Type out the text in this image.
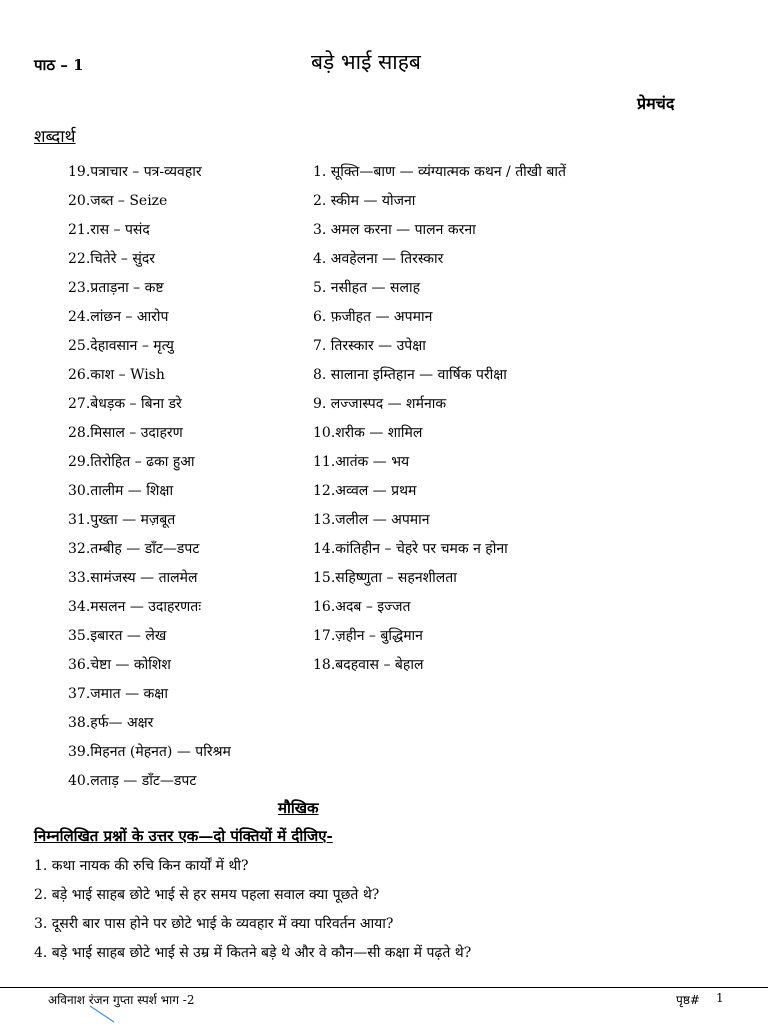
पाठ – 1	बड़े भाई साहब
प्रेमचंद
शब्दार्थ
19.पत्राचार – पत्र-व्यवहार
20.जब्त – Seize
21.रास – पसंद
22.चितेरे – सुंदर
23.प्रताड़ना – कष्ट
24.लांछन – आरोप
25.देहावसान – मृत्यु
26.काश – Wish
27.बेधड़क – बिना डरे
28.मिसाल – उदाहरण
29.तिरोहित – ढका हुआ
30.तालीम — शिक्षा
31.पुख्ता — मज़बूत
32.तम्बीह — डाँट—डपट
33.सामंजस्य — तालमेल
34.मसलन — उदाहरणतः
35.इबारत — लेख
36.चेष्टा — कोशिश
37.जमात — कक्षा
38.हर्फ— अक्षर
39.मिहनत (मेहनत) — परिश्रम
40.लताड़ — डाँट—डपट
1. सूक्ति—बाण — व्यंग्यात्मक कथन / तीखी बातें
2. स्कीम — योजना
3. अमल करना — पालन करना
4. अवहेलना — तिरस्कार
5. नसीहत — सलाह
6. फ़जीहत — अपमान
7. तिरस्कार — उपेक्षा
8. सालाना इम्तिहान — वार्षिक परीक्षा
9. लज्जास्पद — शर्मनाक
10.शरीक — शामिल
11.आतंक — भय
12.अव्वल — प्रथम
13.जलील — अपमान
14.कांतिहीन – चेहरे पर चमक न होना
15.सहिष्णुता – सहनशीलता
16.अदब – इज्जत
17.ज़हीन – बुद्धिमान
18.बदहवास – बेहाल
मौखिक
निम्नलिखित प्रश्नों के उत्तर एक—दो पंक्तियों में दीजिए-
1. कथा नायक की रुचि किन कार्यों में थी?
2. बड़े भाई साहब छोटे भाई से हर समय पहला सवाल क्या पूछते थे?
3. दूसरी बार पास होने पर छोटे भाई के व्यवहार में क्या परिवर्तन आया?
4. बड़े भाई साहब छोटे भाई से उम्र में कितने बड़े थे और वे कौन—सी कक्षा में पढ़ते थे?
अविनाश रंजन गुप्ता स्पर्श भाग -2	पृष्ठ# 1
